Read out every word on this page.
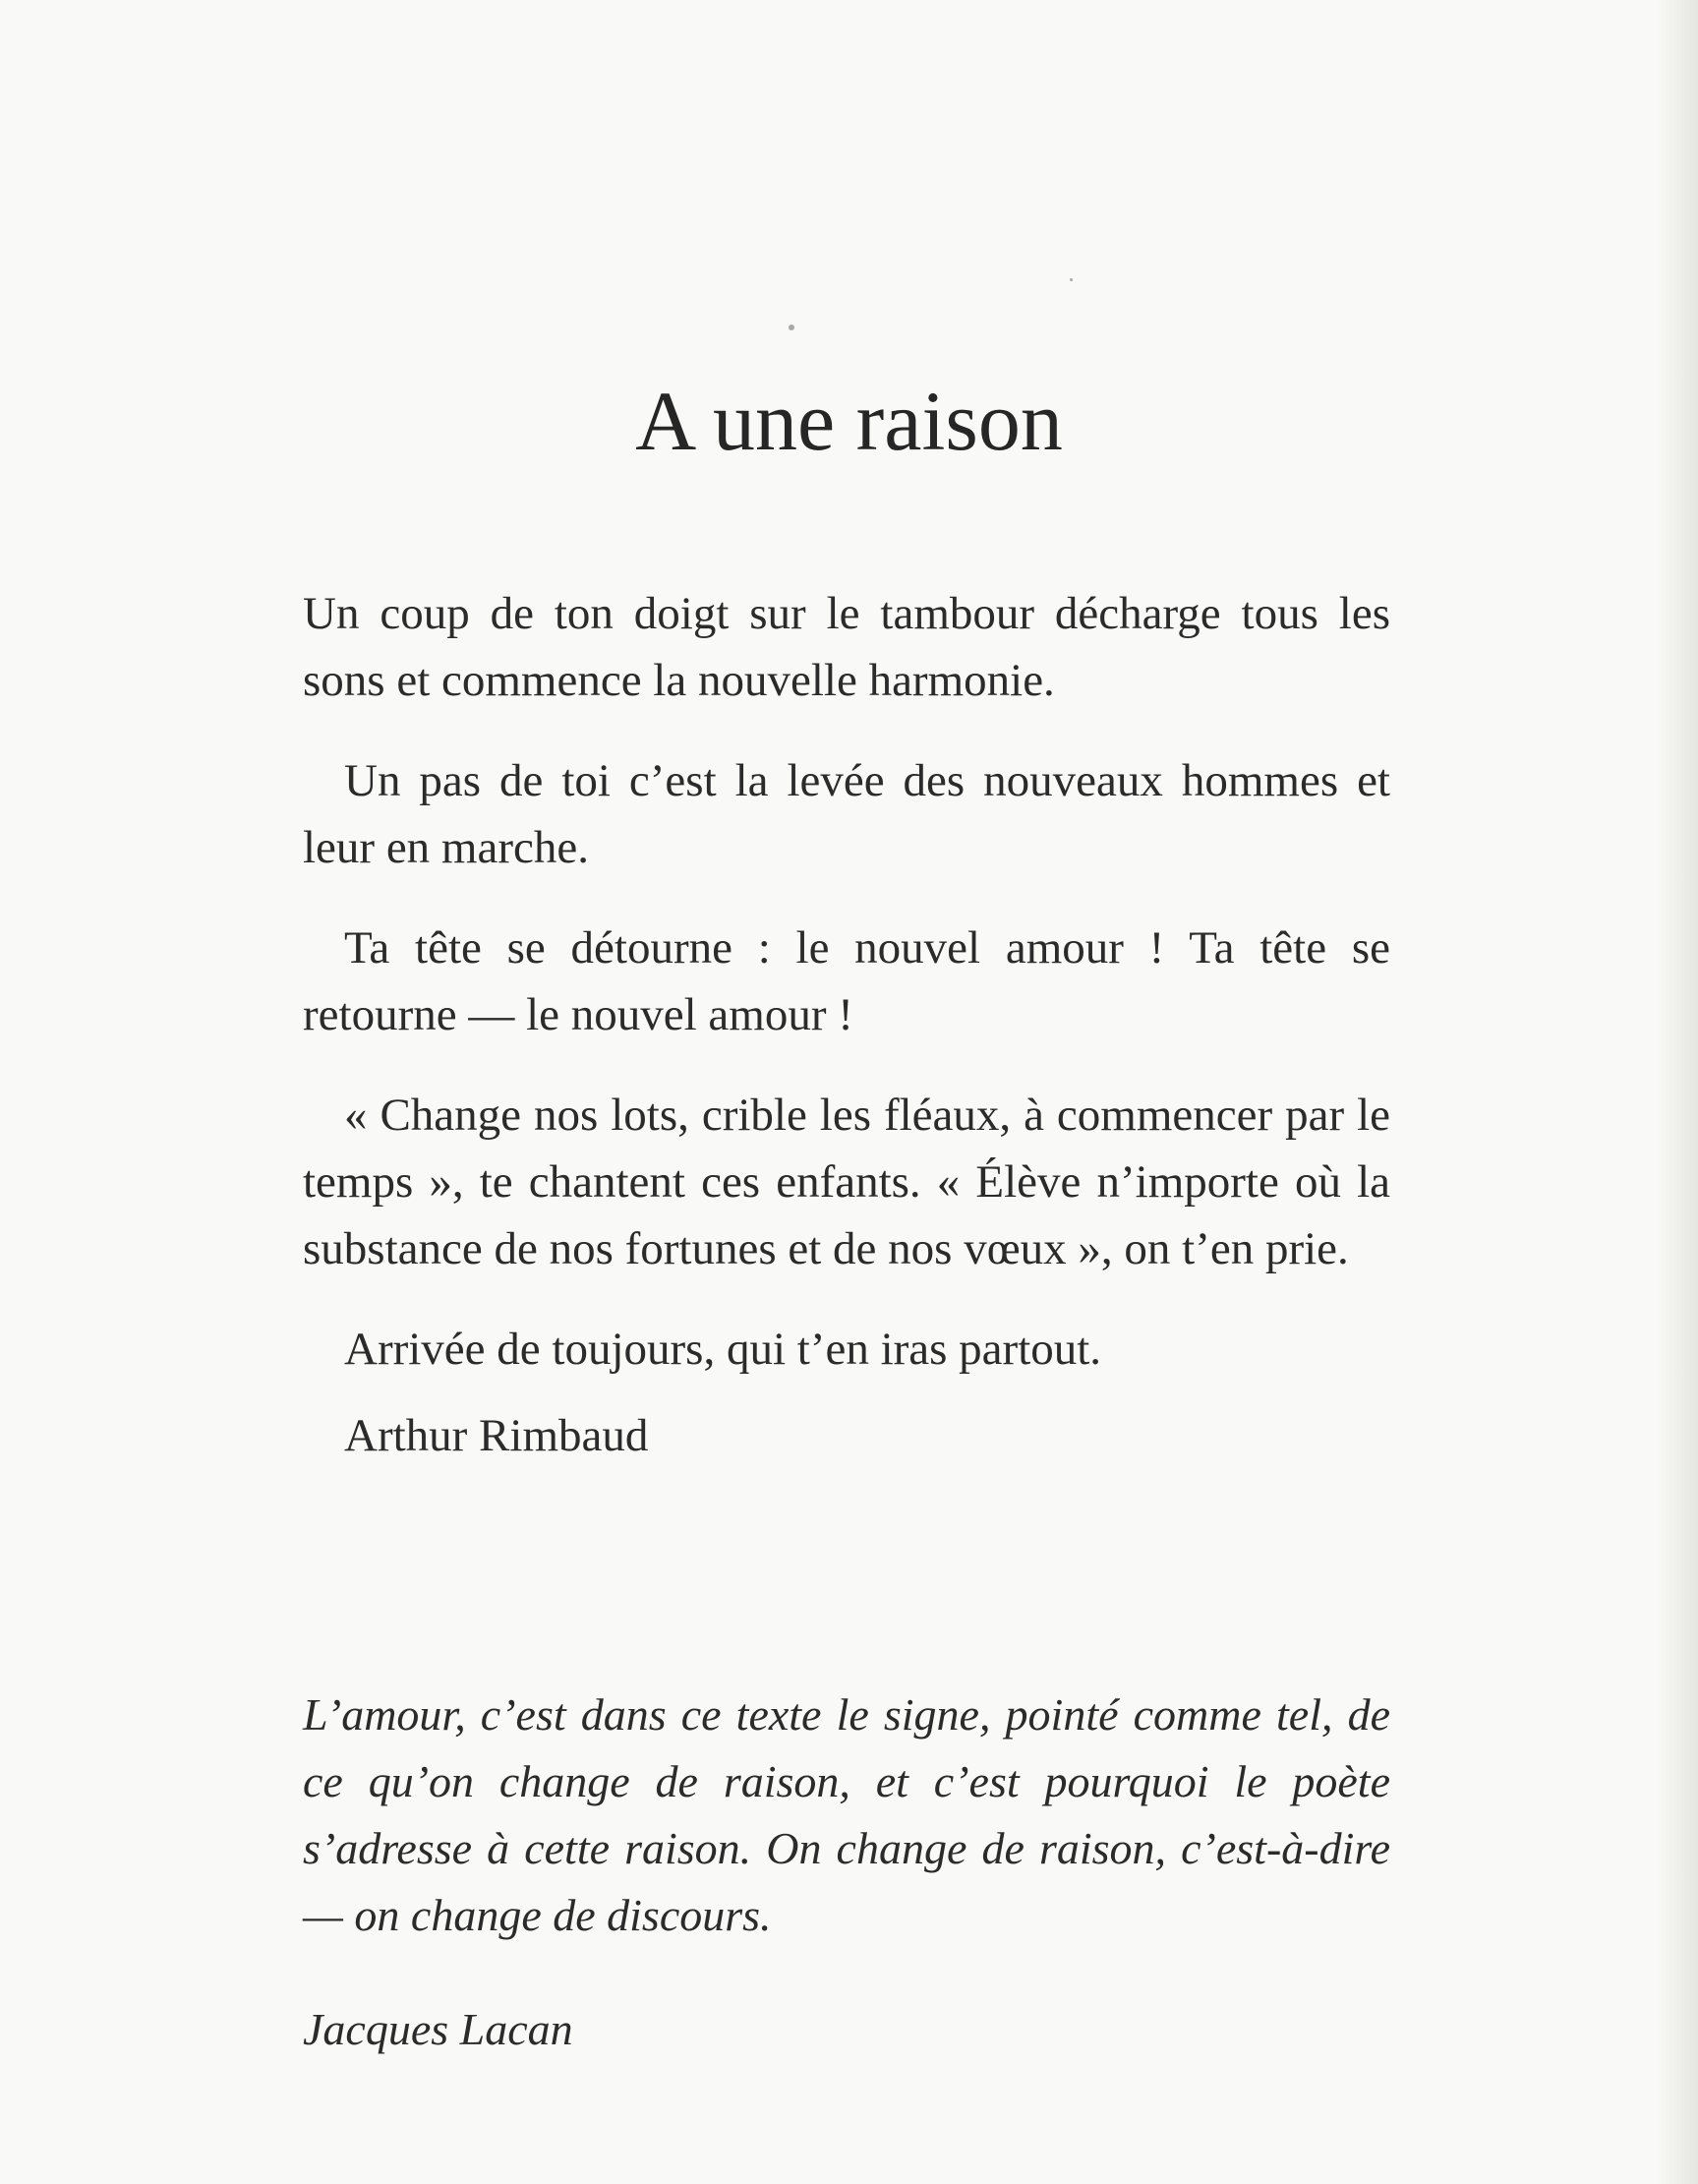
A une raison

Un coup de ton doigt sur le tambour décharge tous les sons et commence la nouvelle harmonie.

Un pas de toi c’est la levée des nouveaux hommes et leur en marche.

Ta tête se détourne : le nouvel amour ! Ta tête se retourne — le nouvel amour !

« Change nos lots, crible les fléaux, à commencer par le temps », te chantent ces enfants. « Élève n’importe où la substance de nos fortunes et de nos vœux », on t’en prie.

Arrivée de toujours, qui t’en iras partout.

Arthur Rimbaud

L’amour, c’est dans ce texte le signe, pointé comme tel, de ce qu’on change de raison, et c’est pourquoi le poète s’adresse à cette raison. On change de raison, c’est-à-dire — on change de discours.

Jacques Lacan
